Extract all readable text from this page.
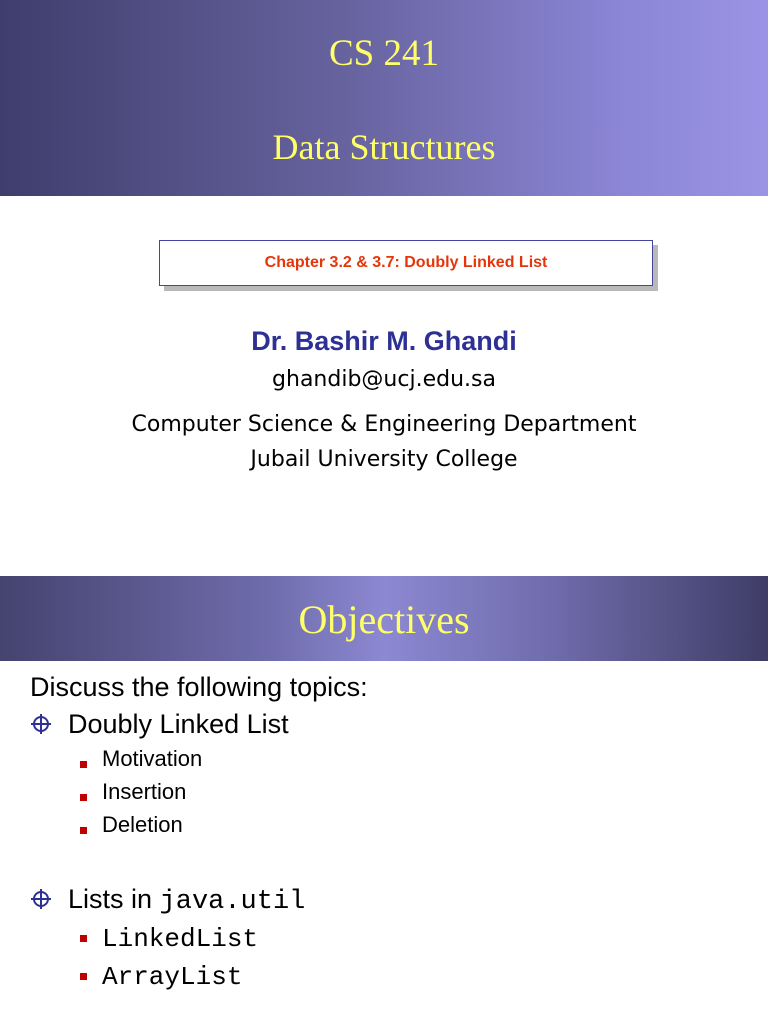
CS 241
Data Structures
Chapter 3.2 & 3.7: Doubly Linked List
Dr. Bashir M. Ghandi
ghandib@ucj.edu.sa
Computer Science & Engineering Department
Jubail University College
Objectives
Discuss the following topics:
Doubly Linked List
Motivation
Insertion
Deletion
Lists in java.util
LinkedList
ArrayList
